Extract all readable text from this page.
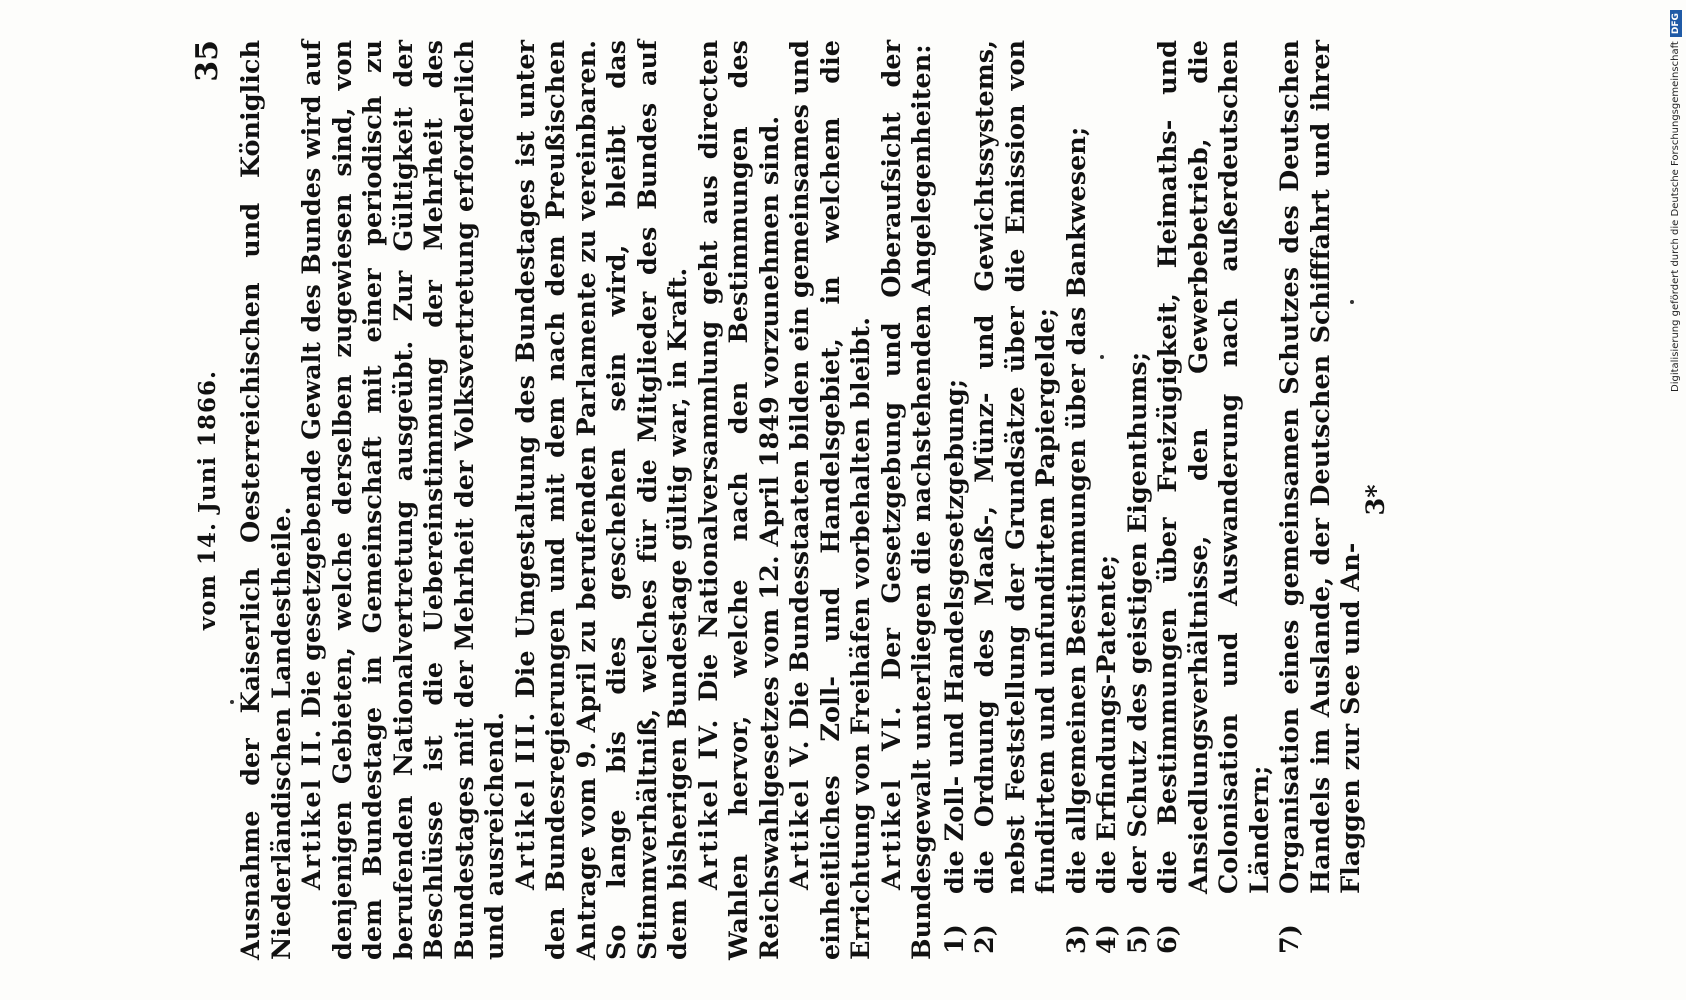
vom 14. Juni 1866.
35 Ausnahme der Kaiserlich Oesterreichischen und Königlich Niederländischen Landestheile. Artikel II. Die gesetzgebende Gewalt des Bundes wird auf denjenigen Gebieten, welche derselben zugewiesen sind, von dem Bundestage in Gemeinschaft mit einer periodisch zu berufenden Nationalvertretung ausgeübt. Zur Gültigkeit der Beschlüsse ist die Uebereinstimmung der Mehrheit des Bundestages mit der Mehrheit der Volksvertretung erforderlich und ausreichend. Artikel III. Die Umgestaltung des Bundestages ist unter den Bundesregierungen und mit dem nach dem Preußischen Antrage vom 9. April zu berufenden Parlamente zu vereinbaren. So lange bis dies geschehen sein wird, bleibt das Stimmverhältniß, welches für die Mitglieder des Bundes auf dem bisherigen Bundestage gültig war, in Kraft. Artikel IV. Die Nationalversammlung geht aus directen Wahlen hervor, welche nach den Bestimmungen des Reichswahlgesetzes vom 12. April 1849 vorzunehmen sind. Artikel V. Die Bundesstaaten bilden ein gemeinsames und einheitliches Zoll- und Handelsgebiet, in welchem die Errichtung von Freihäfen vorbehalten bleibt. Artikel VI. Der Gesetzgebung und Oberaufsicht der Bundesgewalt unterliegen die nachstehenden Angelegenheiten: 1)
die Zoll- und Handelsgesetzgebung;
2)
die Ordnung des Maaß-, Münz- und Gewichtssystems, nebst Feststellung der Grundsätze über die Emission von fundirtem und unfundirtem Papiergelde;
3)
die allgemeinen Bestimmungen über das Bankwesen;
4)
die Erfindungs-Patente;
5)
der Schutz des geistigen Eigenthums;
6)
die Bestimmungen über Freizügigkeit, Heimaths- und Ansiedlungsverhältnisse, den Gewerbebetrieb, die Colonisation und Auswanderung nach außerdeutschen Ländern;
7)
Organisation eines gemeinsamen Schutzes des Deutschen Handels im Auslande, der Deutschen Schifffahrt und ihrer Flaggen zur See und An-
3*
Digitalisierung gefördert durch die Deutsche ForschungsgemeinschaftDFG
